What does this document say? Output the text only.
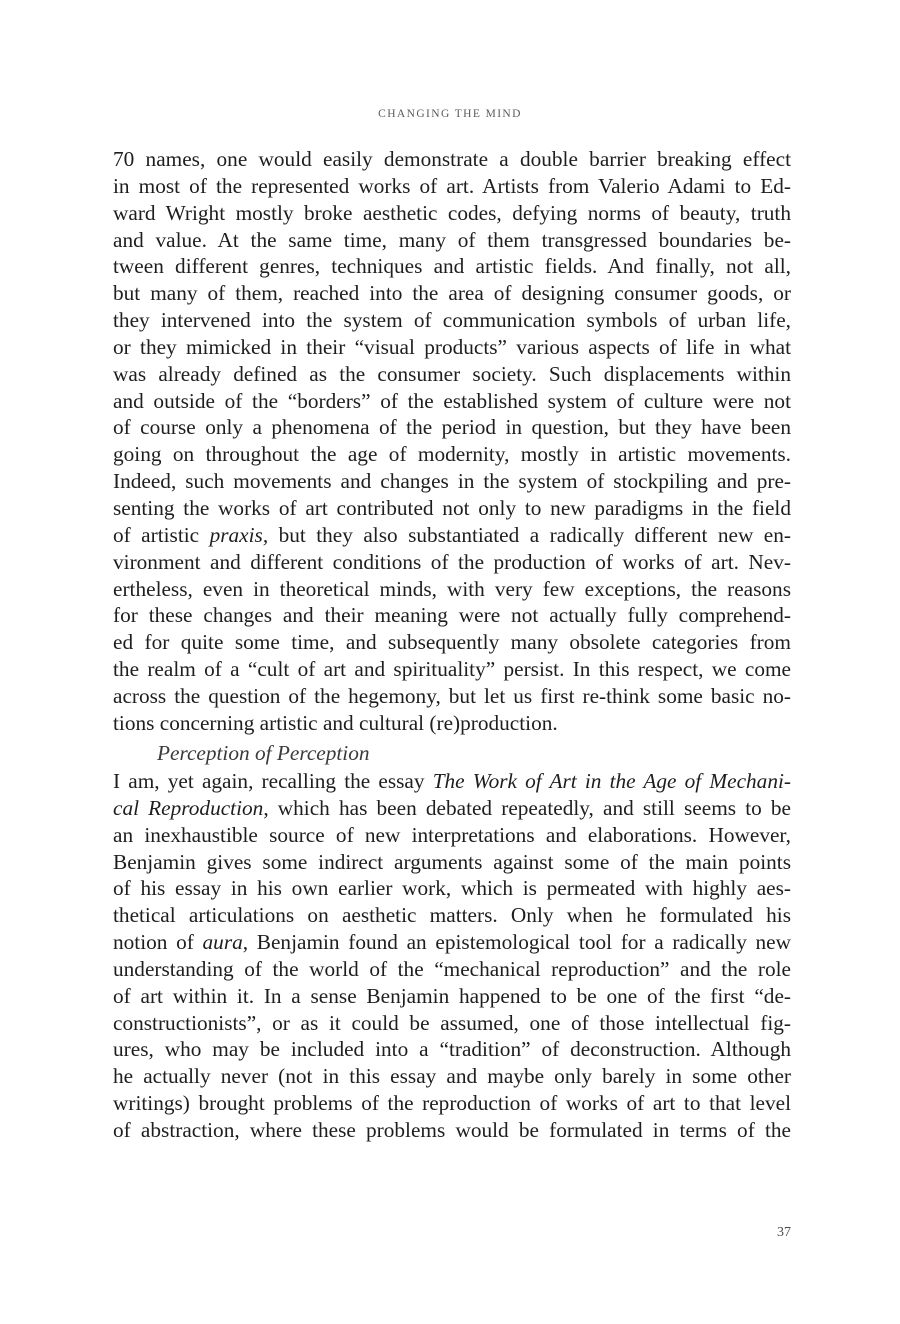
CHANGING THE MIND
70 names, one would easily demonstrate a double barrier breaking effect
in most of the represented works of art. Artists from Valerio Adami to Ed-
ward Wright mostly broke aesthetic codes, defying norms of beauty, truth
and value. At the same time, many of them transgressed boundaries be-
tween different genres, techniques and artistic fields. And finally, not all,
but many of them, reached into the area of designing consumer goods, or
they intervened into the system of communication symbols of urban life,
or they mimicked in their “visual products” various aspects of life in what
was already defined as the consumer society. Such displacements within
and outside of the “borders” of the established system of culture were not
of course only a phenomena of the period in question, but they have been
going on throughout the age of modernity, mostly in artistic movements.
Indeed, such movements and changes in the system of stockpiling and pre-
senting the works of art contributed not only to new paradigms in the field
of artistic praxis, but they also substantiated a radically different new en-
vironment and different conditions of the production of works of art. Nev-
ertheless, even in theoretical minds, with very few exceptions, the reasons
for these changes and their meaning were not actually fully comprehend-
ed for quite some time, and subsequently many obsolete categories from
the realm of a “cult of art and spirituality” persist. In this respect, we come
across the question of the hegemony, but let us first re-think some basic no-
tions concerning artistic and cultural (re)production.
Perception of Perception
I am, yet again, recalling the essay The Work of Art in the Age of Mechani-
cal Reproduction, which has been debated repeatedly, and still seems to be
an inexhaustible source of new interpretations and elaborations. However,
Benjamin gives some indirect arguments against some of the main points
of his essay in his own earlier work, which is permeated with highly aes-
thetical articulations on aesthetic matters. Only when he formulated his
notion of aura, Benjamin found an epistemological tool for a radically new
understanding of the world of the “mechanical reproduction” and the role
of art within it. In a sense Benjamin happened to be one of the first “de-
constructionists”, or as it could be assumed, one of those intellectual fig-
ures, who may be included into a “tradition” of deconstruction. Although
he actually never (not in this essay and maybe only barely in some other
writings) brought problems of the reproduction of works of art to that level
of abstraction, where these problems would be formulated in terms of the
37
